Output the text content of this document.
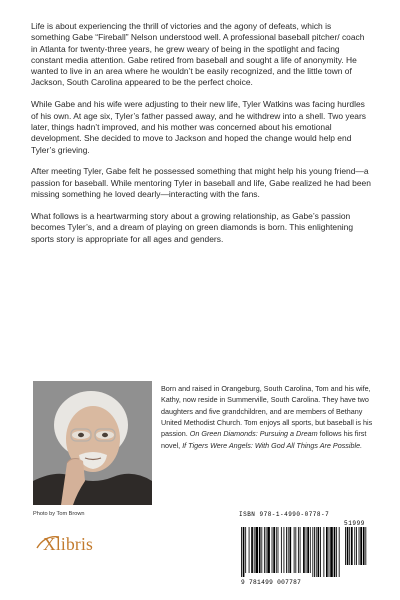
Life is about experiencing the thrill of victories and the agony of defeats, which is something Gabe “Fireball” Nelson understood well. A professional baseball pitcher/ coach in Atlanta for twenty-three years, he grew weary of being in the spotlight and facing constant media attention. Gabe retired from baseball and sought a life of anonymity. He wanted to live in an area where he wouldn’t be easily recognized, and the little town of Jackson, South Carolina appeared to be the perfect choice.

While Gabe and his wife were adjusting to their new life, Tyler Watkins was facing hurdles of his own. At age six, Tyler’s father passed away, and he withdrew into a shell. Two years later, things hadn’t improved, and his mother was concerned about his emotional development. She decided to move to Jackson and hoped the change would help end Tyler’s grieving.

After meeting Tyler, Gabe felt he possessed something that might help his young friend—a passion for baseball. While mentoring Tyler in baseball and life, Gabe realized he had been missing something he loved dearly—interacting with the fans.

What follows is a heartwarming story about a growing relationship, as Gabe’s passion becomes Tyler’s, and a dream of playing on green diamonds is born. This enlightening sports story is appropriate for all ages and genders.

Photo by Tom Brown
Born and raised in Orangeburg, South Carolina, Tom and his wife, Kathy, now reside in Summerville, South Carolina. They have two daughters and five grandchildren, and are members of Bethany United Methodist Church. Tom enjoys all sports, but baseball is his passion. On Green Diamonds: Pursuing a Dream follows his first novel, If Tigers Were Angels: With God All Things Are Possible.
Xlibris
ISBN 978-1-4990-0778-7
51999
9 781499 007787
